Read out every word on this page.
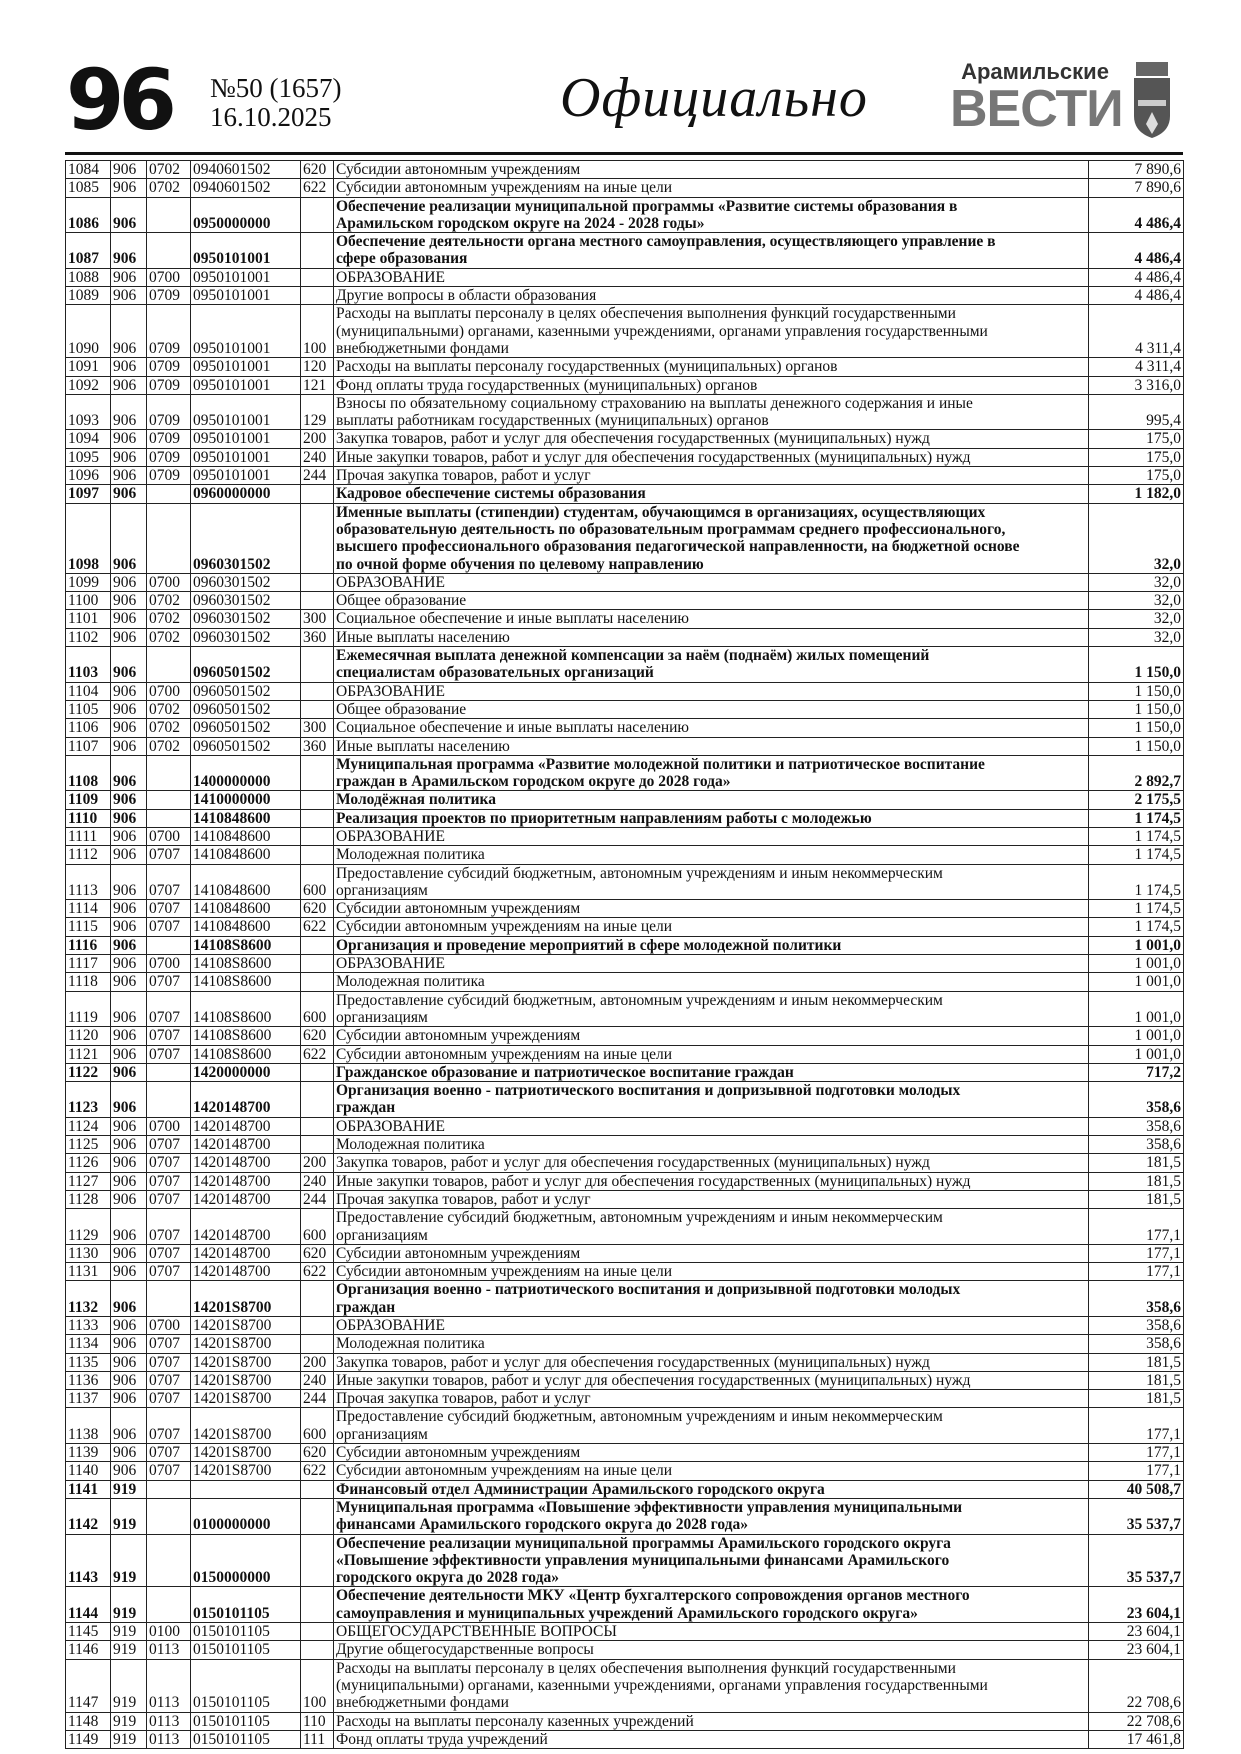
96 №50 (1657)
16.10.2025	Официально	Арамильские
ВЕСТИ
1084	906	0702	0940601502	620	Субсидии автономным учреждениям	7 890,6
1085	906	0702	0940601502	622	Субсидии автономным учреждениям на иные цели	7 890,6
1086	906		0950000000		Обеспечение реализации муниципальной программы «Развитие системы образования в
Арамильском городском округе на 2024 - 2028 годы»	4 486,4
1087	906		0950101001		Обеспечение деятельности органа местного самоуправления, осуществляющего управление в
сфере образования	4 486,4
1088	906	0700	0950101001		ОБРАЗОВАНИЕ	4 486,4
1089	906	0709	0950101001		Другие вопросы в области образования	4 486,4
1090	906	0709	0950101001	100	Расходы на выплаты персоналу в целях обеспечения выполнения функций государственными
(муниципальными) органами, казенными учреждениями, органами управления государственными
внебюджетными фондами	4 311,4
1091	906	0709	0950101001	120	Расходы на выплаты персоналу государственных (муниципальных) органов	4 311,4
1092	906	0709	0950101001	121	Фонд оплаты труда государственных (муниципальных) органов	3 316,0
1093	906	0709	0950101001	129	Взносы по обязательному социальному страхованию на выплаты денежного содержания и иные
выплаты работникам государственных (муниципальных) органов	995,4
1094	906	0709	0950101001	200	Закупка товаров, работ и услуг для обеспечения государственных (муниципальных) нужд	175,0
1095	906	0709	0950101001	240	Иные закупки товаров, работ и услуг для обеспечения государственных (муниципальных) нужд	175,0
1096	906	0709	0950101001	244	Прочая закупка товаров, работ и услуг	175,0
1097	906		0960000000		Кадровое обеспечение системы образования	1 182,0
1098	906		0960301502		Именные выплаты (стипендии) студентам, обучающимся в организациях, осуществляющих
образовательную деятельность по образовательным программам среднего профессионального,
высшего профессионального образования педагогической направленности, на бюджетной основе
по очной форме обучения по целевому направлению	32,0
1099	906	0700	0960301502		ОБРАЗОВАНИЕ	32,0
1100	906	0702	0960301502		Общее образование	32,0
1101	906	0702	0960301502	300	Социальное обеспечение и иные выплаты населению	32,0
1102	906	0702	0960301502	360	Иные выплаты населению	32,0
1103	906		0960501502		Ежемесячная выплата денежной компенсации за наём (поднаём) жилых помещений
специалистам образовательных организаций	1 150,0
1104	906	0700	0960501502		ОБРАЗОВАНИЕ	1 150,0
1105	906	0702	0960501502		Общее образование	1 150,0
1106	906	0702	0960501502	300	Социальное обеспечение и иные выплаты населению	1 150,0
1107	906	0702	0960501502	360	Иные выплаты населению	1 150,0
1108	906		1400000000		Муниципальная программа «Развитие молодежной политики и патриотическое воспитание
граждан в Арамильском городском округе до 2028 года»	2 892,7
1109	906		1410000000		Молодёжная политика	2 175,5
1110	906		1410848600		Реализация проектов по приоритетным направлениям работы с молодежью	1 174,5
1111	906	0700	1410848600		ОБРАЗОВАНИЕ	1 174,5
1112	906	0707	1410848600		Молодежная политика	1 174,5
1113	906	0707	1410848600	600	Предоставление субсидий бюджетным, автономным учреждениям и иным некоммерческим
организациям	1 174,5
1114	906	0707	1410848600	620	Субсидии автономным учреждениям	1 174,5
1115	906	0707	1410848600	622	Субсидии автономным учреждениям на иные цели	1 174,5
1116	906		14108S8600		Организация и проведение мероприятий в сфере молодежной политики	1 001,0
1117	906	0700	14108S8600		ОБРАЗОВАНИЕ	1 001,0
1118	906	0707	14108S8600		Молодежная политика	1 001,0
1119	906	0707	14108S8600	600	Предоставление субсидий бюджетным, автономным учреждениям и иным некоммерческим
организациям	1 001,0
1120	906	0707	14108S8600	620	Субсидии автономным учреждениям	1 001,0
1121	906	0707	14108S8600	622	Субсидии автономным учреждениям на иные цели	1 001,0
1122	906		1420000000		Гражданское образование и патриотическое воспитание граждан	717,2
1123	906		1420148700		Организация военно - патриотического воспитания и допризывной подготовки молодых
граждан	358,6
1124	906	0700	1420148700		ОБРАЗОВАНИЕ	358,6
1125	906	0707	1420148700		Молодежная политика	358,6
1126	906	0707	1420148700	200	Закупка товаров, работ и услуг для обеспечения государственных (муниципальных) нужд	181,5
1127	906	0707	1420148700	240	Иные закупки товаров, работ и услуг для обеспечения государственных (муниципальных) нужд	181,5
1128	906	0707	1420148700	244	Прочая закупка товаров, работ и услуг	181,5
1129	906	0707	1420148700	600	Предоставление субсидий бюджетным, автономным учреждениям и иным некоммерческим
организациям	177,1
1130	906	0707	1420148700	620	Субсидии автономным учреждениям	177,1
1131	906	0707	1420148700	622	Субсидии автономным учреждениям на иные цели	177,1
1132	906		14201S8700		Организация военно - патриотического воспитания и допризывной подготовки молодых
граждан	358,6
1133	906	0700	14201S8700		ОБРАЗОВАНИЕ	358,6
1134	906	0707	14201S8700		Молодежная политика	358,6
1135	906	0707	14201S8700	200	Закупка товаров, работ и услуг для обеспечения государственных (муниципальных) нужд	181,5
1136	906	0707	14201S8700	240	Иные закупки товаров, работ и услуг для обеспечения государственных (муниципальных) нужд	181,5
1137	906	0707	14201S8700	244	Прочая закупка товаров, работ и услуг	181,5
1138	906	0707	14201S8700	600	Предоставление субсидий бюджетным, автономным учреждениям и иным некоммерческим
организациям	177,1
1139	906	0707	14201S8700	620	Субсидии автономным учреждениям	177,1
1140	906	0707	14201S8700	622	Субсидии автономным учреждениям на иные цели	177,1
1141	919				Финансовый отдел Администрации Арамильского городского округа	40 508,7
1142	919		0100000000		Муниципальная программа «Повышение эффективности управления муниципальными
финансами Арамильского городского округа до 2028 года»	35 537,7
1143	919		0150000000		Обеспечение реализации муниципальной программы Арамильского городского округа
«Повышение эффективности управления муниципальными финансами Арамильского
городского округа до 2028 года»	35 537,7
1144	919		0150101105		Обеспечение деятельности МКУ «Центр бухгалтерского сопровождения органов местного
самоуправления и муниципальных учреждений Арамильского городского округа»	23 604,1
1145	919	0100	0150101105		ОБЩЕГОСУДАРСТВЕННЫЕ ВОПРОСЫ	23 604,1
1146	919	0113	0150101105		Другие общегосударственные вопросы	23 604,1
1147	919	0113	0150101105	100	Расходы на выплаты персоналу в целях обеспечения выполнения функций государственными
(муниципальными) органами, казенными учреждениями, органами управления государственными
внебюджетными фондами	22 708,6
1148	919	0113	0150101105	110	Расходы на выплаты персоналу казенных учреждений	22 708,6
1149	919	0113	0150101105	111	Фонд оплаты труда учреждений	17 461,8
